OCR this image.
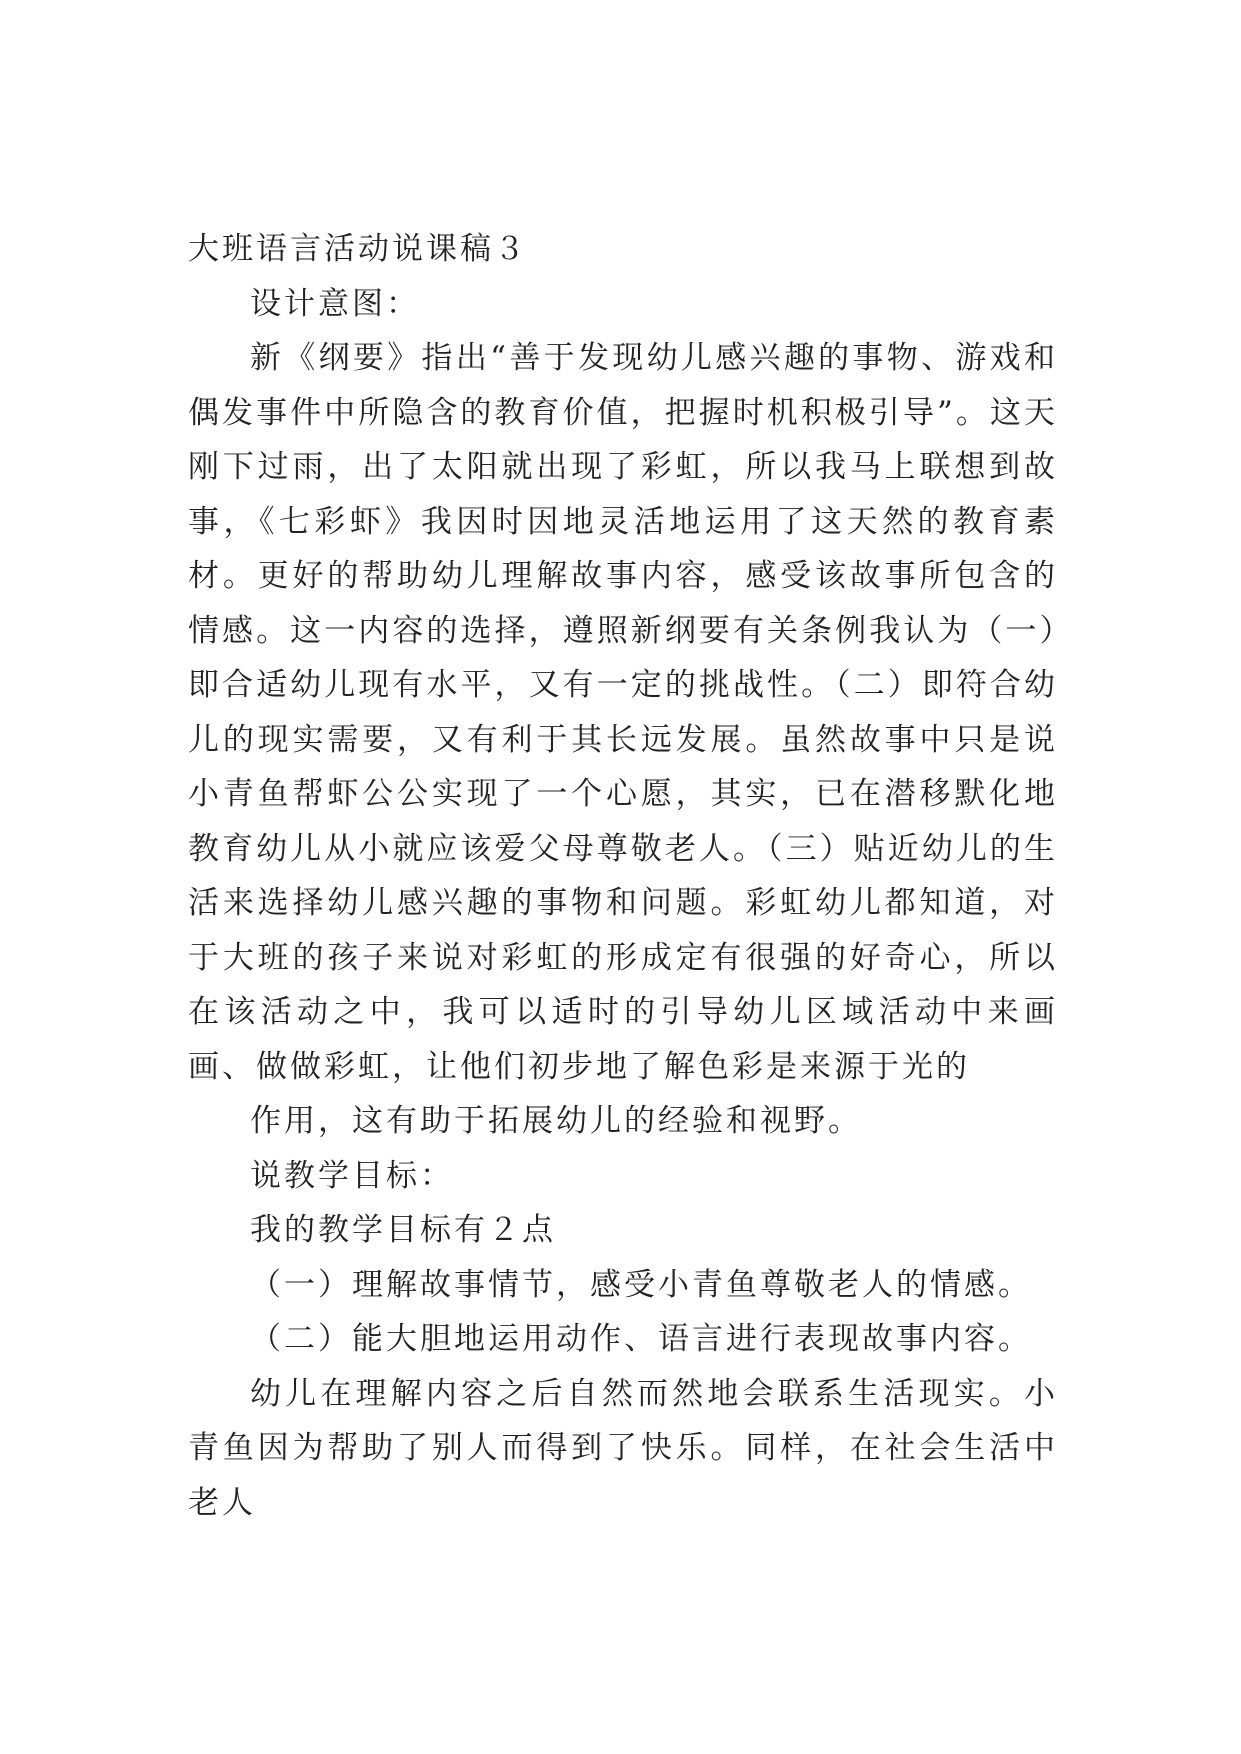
大班语言活动说课稿３

设计意图：

新《纲要》指出“善于发现幼儿感兴趣的事物、游戏和偶发事件中所隐含的教育价值，把握时机积极引导”。这天刚下过雨，出了太阳就出现了彩虹，所以我马上联想到故事，《七彩虾》我因时因地灵活地运用了这天然的教育素材。更好的帮助幼儿理解故事内容，感受该故事所包含的情感。这一内容的选择，遵照新纲要有关条例我认为（一）即合适幼儿现有水平，又有一定的挑战性。（二）即符合幼儿的现实需要，又有利于其长远发展。虽然故事中只是说小青鱼帮虾公公实现了一个心愿，其实，已在潜移默化地教育幼儿从小就应该爱父母尊敬老人。（三）贴近幼儿的生活来选择幼儿感兴趣的事物和问题。彩虹幼儿都知道，对于大班的孩子来说对彩虹的形成定有很强的好奇心，所以在该活动之中，我可以适时的引导幼儿区域活动中来画画、做做彩虹，让他们初步地了解色彩是来源于光的

作用，这有助于拓展幼儿的经验和视野。

说教学目标：

我的教学目标有２点

（一）理解故事情节，感受小青鱼尊敬老人的情感。

（二）能大胆地运用动作、语言进行表现故事内容。

幼儿在理解内容之后自然而然地会联系生活现实。小青鱼因为帮助了别人而得到了快乐。同样，在社会生活中老人
